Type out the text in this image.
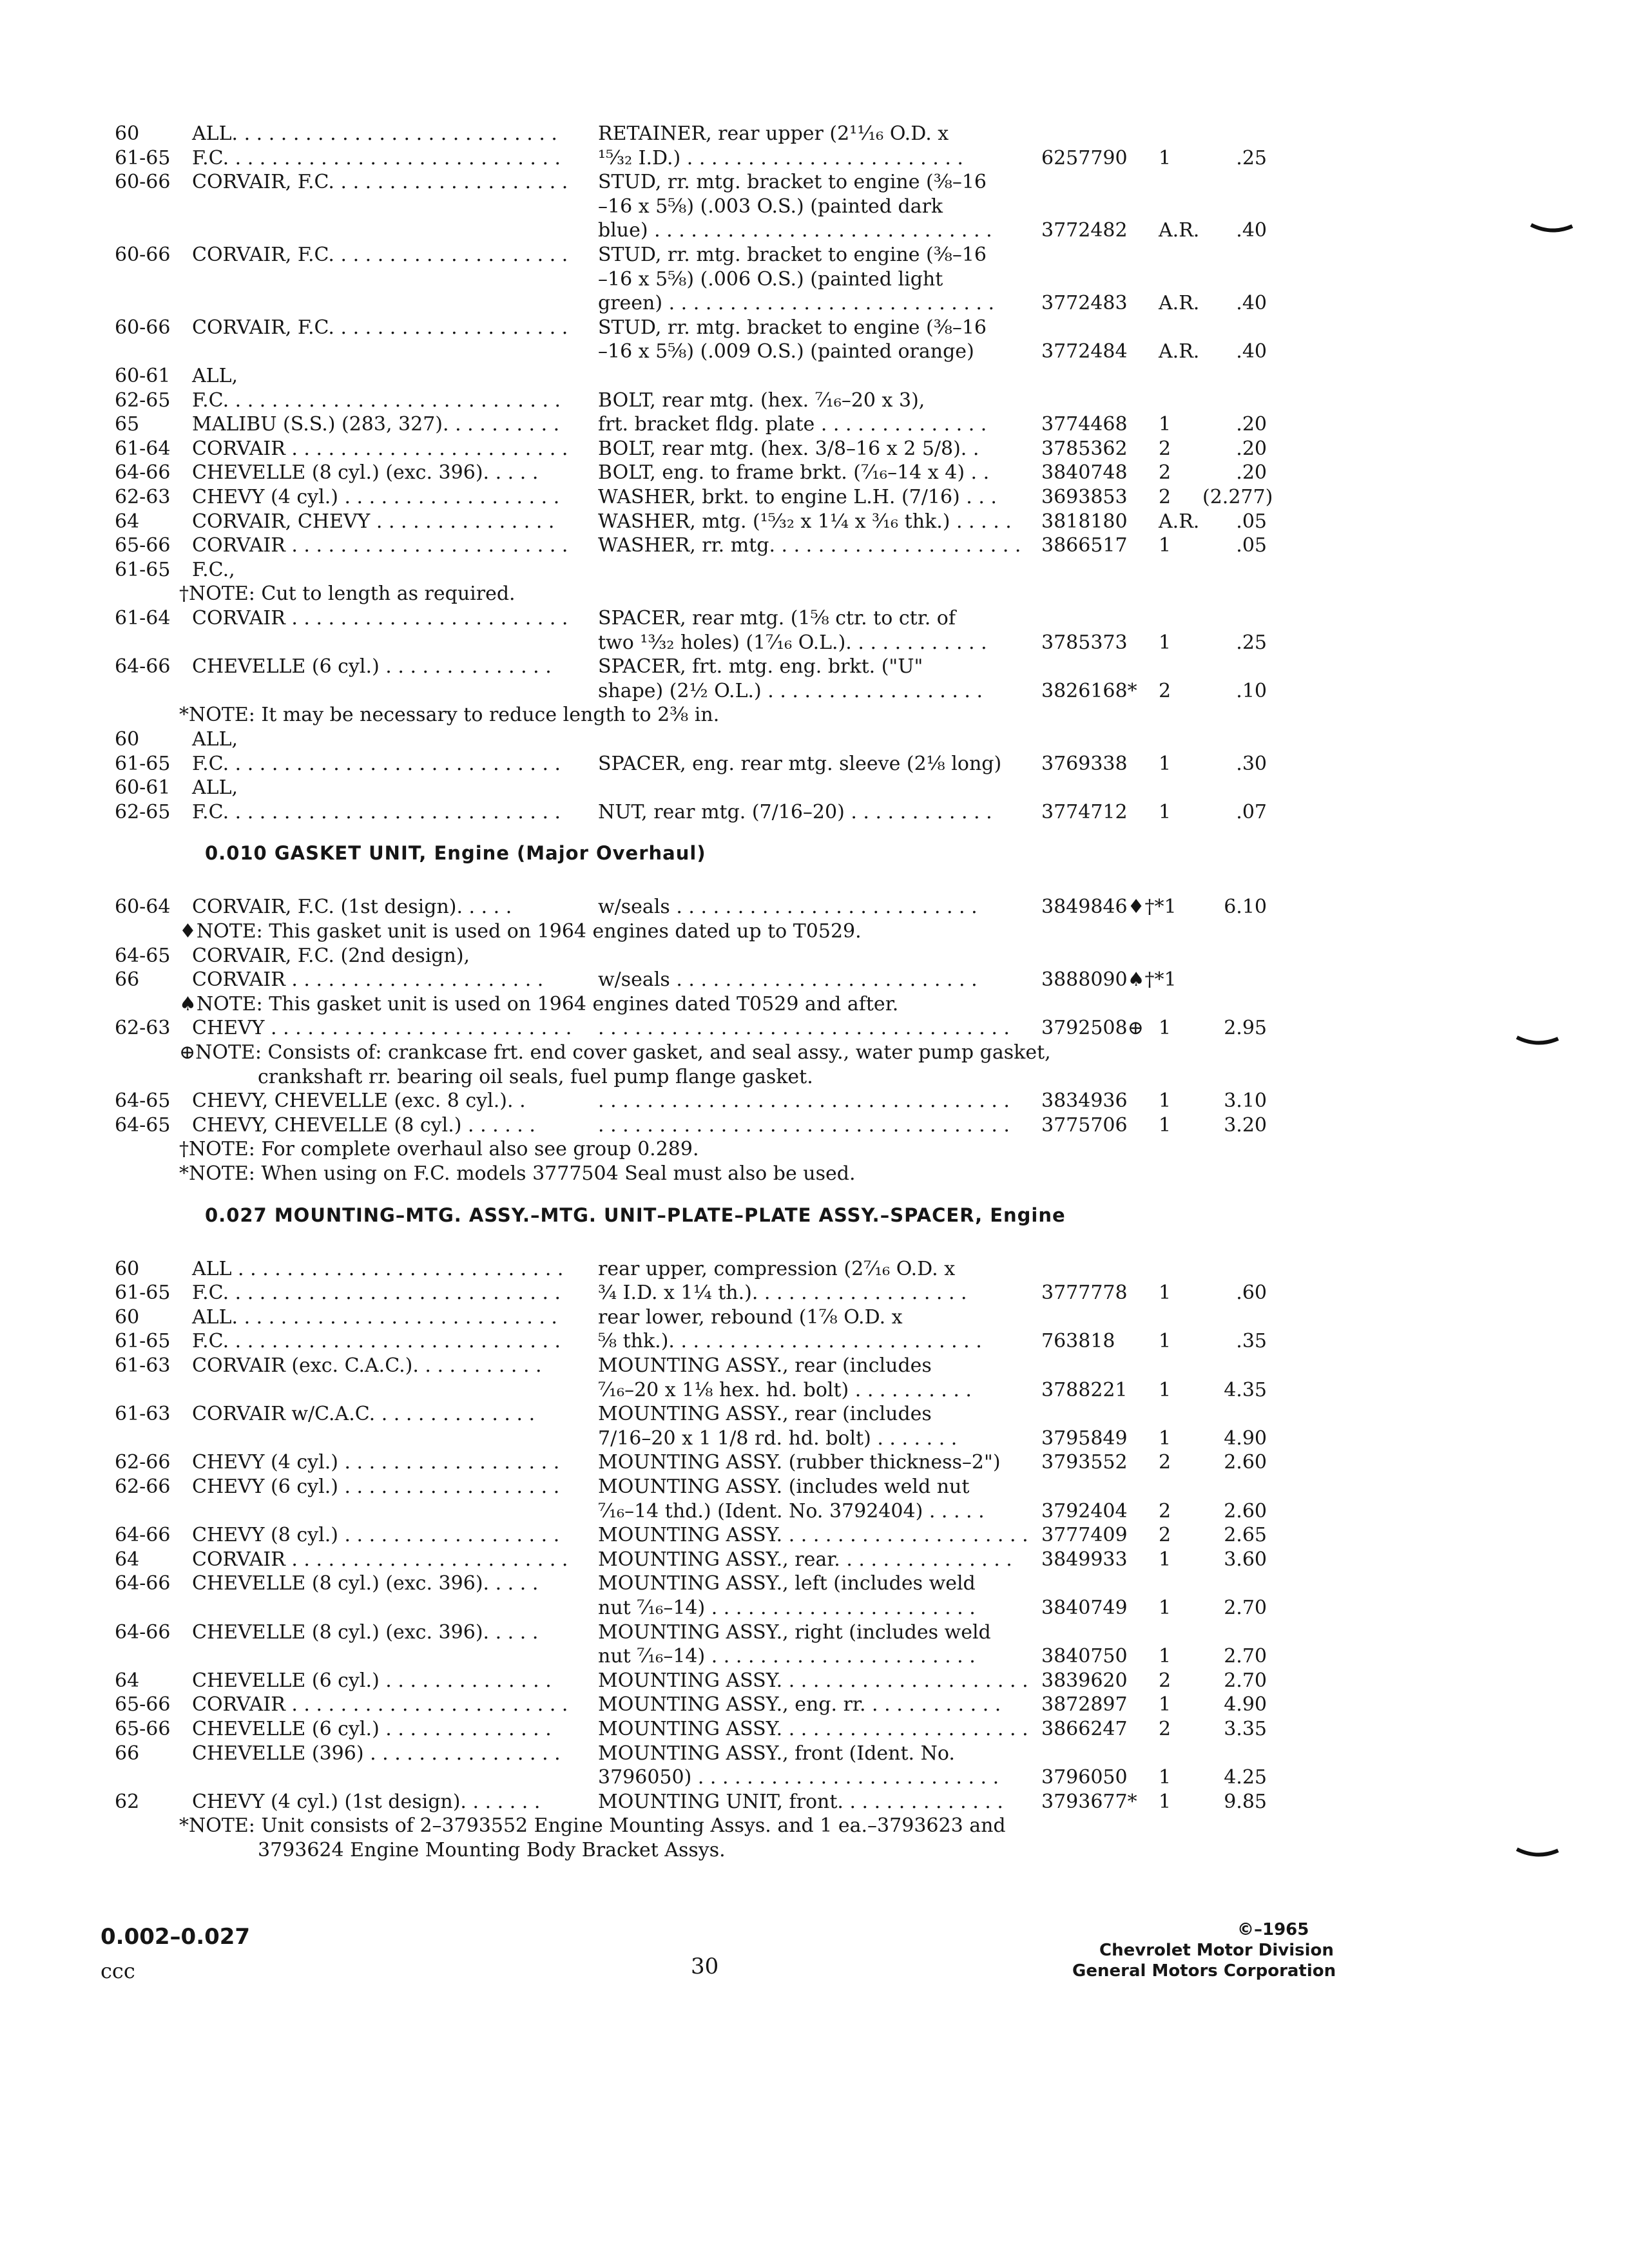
60	ALL. . . . . . . . . . . . . . . . . . . . . . . . . . . RETAINER, rear upper (2¹¹⁄₁₆ O.D. x
61-65 F.C. . . . . . . . . . . . . . . . . . . . . . . . . . . . ¹⁵⁄₃₂ I.D.) . . . . . . . . . . . . . . . . . . . . . . .	6257790 1	.25
60-66 CORVAIR, F.C. . . . . . . . . . . . . . . . . . . . STUD, rr. mtg. bracket to engine (⅜–16
–16 x 5⅝) (.003 O.S.) (painted dark
blue) . . . . . . . . . . . . . . . . . . . . . . . . . . . .	3772482 A.R.	.40
60-66 CORVAIR, F.C. . . . . . . . . . . . . . . . . . . . STUD, rr. mtg. bracket to engine (⅜–16
–16 x 5⅝) (.006 O.S.) (painted light
green) . . . . . . . . . . . . . . . . . . . . . . . . . . . 3772483 A.R.	.40
60-66 CORVAIR, F.C. . . . . . . . . . . . . . . . . . . . STUD, rr. mtg. bracket to engine (⅜–16
–16 x 5⅝) (.009 O.S.) (painted orange)	3772484 A.R.	.40
60-61 ALL,
62-65 F.C. . . . . . . . . . . . . . . . . . . . . . . . . . . . BOLT, rear mtg. (hex. ⁷⁄₁₆–20 x 3),
65	MALIBU (S.S.) (283, 327). . . . . . . . . . frt. bracket fldg. plate . . . . . . . . . . . . . .	3774468 1	.20
61-64 CORVAIR . . . . . . . . . . . . . . . . . . . . . . . BOLT, rear mtg. (hex. 3/8–16 x 2 5/8). .	3785362 2	.20
64-66 CHEVELLE (8 cyl.) (exc. 396). . . . .	BOLT, eng. to frame brkt. (⁷⁄₁₆–14 x 4) . .	3840748 2	.20
62-63 CHEVY (4 cyl.) . . . . . . . . . . . . . . . . . . WASHER, brkt. to engine L.H. (7/16) . . . 3693853 2 (2.277)
64	CORVAIR, CHEVY . . . . . . . . . . . . . . . WASHER, mtg. (¹⁵⁄₃₂ x 1¼ x ³⁄₁₆ thk.) . . . . . 3818180 A.R.	.05
65-66 CORVAIR . . . . . . . . . . . . . . . . . . . . . . . WASHER, rr. mtg. . . . . . . . . . . . . . . . . . . . . 3866517 1	.05
61-65 F.C.,
†NOTE: Cut to length as required.
61-64 CORVAIR . . . . . . . . . . . . . . . . . . . . . . . SPACER, rear mtg. (1⅝ ctr. to ctr. of
two ¹³⁄₃₂ holes) (1⁷⁄₁₆ O.L.). . . . . . . . . . . .	3785373 1	.25
64-66 CHEVELLE (6 cyl.) . . . . . . . . . . . . . . SPACER, frt. mtg. eng. brkt. ("U"
shape) (2½ O.L.) . . . . . . . . . . . . . . . . . .	3826168* 2	.10
*NOTE: It may be necessary to reduce length to 2⅜ in.
60	ALL,
61-65 F.C. . . . . . . . . . . . . . . . . . . . . . . . . . . . SPACER, eng. rear mtg. sleeve (2⅛ long) 3769338 1	.30
60-61 ALL,
62-65 F.C. . . . . . . . . . . . . . . . . . . . . . . . . . . . NUT, rear mtg. (7/16–20) . . . . . . . . . . . .	3774712 1	.07
0.010 GASKET UNIT, Engine (Major Overhaul)
60-64 CORVAIR, F.C. (1st design). . . . .	w/seals . . . . . . . . . . . . . . . . . . . . . . . . .	3849846♦†*1	6.10
♦NOTE: This gasket unit is used on 1964 engines dated up to T0529.
64-65 CORVAIR, F.C. (2nd design),
66	CORVAIR . . . . . . . . . . . . . . . . . . . . .	w/seals . . . . . . . . . . . . . . . . . . . . . . . . .	3888090♠†*1
♠NOTE: This gasket unit is used on 1964 engines dated T0529 and after.
62-63 CHEVY . . . . . . . . . . . . . . . . . . . . . . . . . . . . . . . . . . . . . . . . . . . . . . . . . . . . . . . . . . . 3792508⊕ 1	2.95
⊕NOTE: Consists of: crankcase frt. end cover gasket, and seal assy., water pump gasket,
crankshaft rr. bearing oil seals, fuel pump flange gasket.
64-65 CHEVY, CHEVELLE (exc. 8 cyl.). .	. . . . . . . . . . . . . . . . . . . . . . . . . . . . . . . . . . 3834936 1	3.10
64-65 CHEVY, CHEVELLE (8 cyl.) . . . . . .	. . . . . . . . . . . . . . . . . . . . . . . . . . . . . . . . . . 3775706 1	3.20
†NOTE: For complete overhaul also see group 0.289.
*NOTE: When using on F.C. models 3777504 Seal must also be used.
0.027 MOUNTING–MTG. ASSY.–MTG. UNIT–PLATE–PLATE ASSY.–SPACER, Engine
60	ALL . . . . . . . . . . . . . . . . . . . . . . . . . . . rear upper, compression (2⁷⁄₁₆ O.D. x
61-65 F.C. . . . . . . . . . . . . . . . . . . . . . . . . . . . ¾ I.D. x 1¼ th.). . . . . . . . . . . . . . . . . .	3777778 1	.60
60	ALL. . . . . . . . . . . . . . . . . . . . . . . . . . . rear lower, rebound (1⅞ O.D. x
61-65 F.C. . . . . . . . . . . . . . . . . . . . . . . . . . . . ⅝ thk.). . . . . . . . . . . . . . . . . . . . . . . . . .	763818 1	.35
61-63 CORVAIR (exc. C.A.C.). . . . . . . . . . .	MOUNTING ASSY., rear (includes
⁷⁄₁₆–20 x 1⅛ hex. hd. bolt) . . . . . . . . . .	3788221 1	4.35
61-63 CORVAIR w/C.A.C. . . . . . . . . . . . . .	MOUNTING ASSY., rear (includes
7/16–20 x 1 1/8 rd. hd. bolt) . . . . . . .	3795849 1	4.90
62-66 CHEVY (4 cyl.) . . . . . . . . . . . . . . . . . . MOUNTING ASSY. (rubber thickness–2") 3793552 2	2.60
62-66 CHEVY (6 cyl.) . . . . . . . . . . . . . . . . . . MOUNTING ASSY. (includes weld nut
⁷⁄₁₆–14 thd.) (Ident. No. 3792404) . . . . .	3792404 2	2.60
64-66 CHEVY (8 cyl.) . . . . . . . . . . . . . . . . . . MOUNTING ASSY. . . . . . . . . . . . . . . . . . . . . 3777409 2	2.65
64	CORVAIR . . . . . . . . . . . . . . . . . . . . . . . MOUNTING ASSY., rear. . . . . . . . . . . . . . . 3849933 1	3.60
64-66 CHEVELLE (8 cyl.) (exc. 396). . . . .	MOUNTING ASSY., left (includes weld
nut ⁷⁄₁₆–14) . . . . . . . . . . . . . . . . . . . . . .	3840749 1	2.70
64-66 CHEVELLE (8 cyl.) (exc. 396). . . . .	MOUNTING ASSY., right (includes weld
nut ⁷⁄₁₆–14) . . . . . . . . . . . . . . . . . . . . . .	3840750 1	2.70
64	CHEVELLE (6 cyl.) . . . . . . . . . . . . . . MOUNTING ASSY. . . . . . . . . . . . . . . . . . . . . 3839620 2	2.70
65-66 CORVAIR . . . . . . . . . . . . . . . . . . . . . . . MOUNTING ASSY., eng. rr. . . . . . . . . . . . 3872897 1	4.90
65-66 CHEVELLE (6 cyl.) . . . . . . . . . . . . . . MOUNTING ASSY. . . . . . . . . . . . . . . . . . . . . 3866247 2	3.35
66	CHEVELLE (396) . . . . . . . . . . . . . . . . MOUNTING ASSY., front (Ident. No.
3796050) . . . . . . . . . . . . . . . . . . . . . . . . . 3796050 1	4.25
62	CHEVY (4 cyl.) (1st design). . . . . . .	MOUNTING UNIT, front. . . . . . . . . . . . . . 3793677* 1	9.85
*NOTE: Unit consists of 2–3793552 Engine Mounting Assys. and 1 ea.–3793623 and
3793624 Engine Mounting Body Bracket Assys.
0.002–0.027
ccc	30
©–1965
Chevrolet Motor Division
General Motors Corporation
